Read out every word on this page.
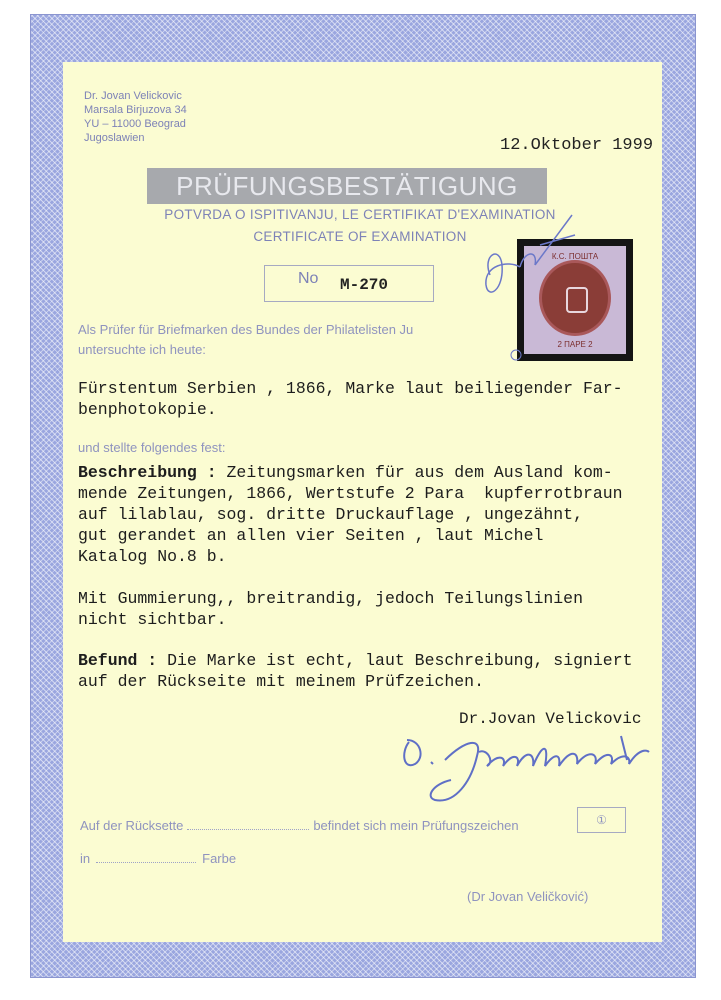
Dr. Jovan Velickovic
Marsala Birjuzova 34
YU – 11000 Beograd
Jugoslawien	12.Oktober 1999
PRÜFUNGSBESTÄTIGUNG
POTVRDA O ISPITIVANJU, LE CERTIFIKAT D'EXAMINATION
CERTIFICATE OF EXAMINATION
No M-270
К.С. ПОШТА
2 ПАРЕ 2
Als Prüfer für Briefmarken des Bundes der Philatelisten Ju
untersuchte ich heute:
Fürstentum Serbien , 1866, Marke laut beiliegender Far-
benphotokopie.
und stellte folgendes fest:
Beschreibung : Zeitungsmarken für aus dem Ausland kom-
mende Zeitungen, 1866, Wertstufe 2 Para  kupferrotbraun
auf lilablau, sog. dritte Druckauflage , ungezähnt,
gut gerandet an allen vier Seiten , laut Michel
Katalog No.8 b.
Mit Gummierung,, breitrandig, jedoch Teilungslinien
nicht sichtbar.
Befund : Die Marke ist echt, laut Beschreibung, signiert
auf der Rückseite mit meinem Prüfzeichen.
Dr.Jovan Velickovic
Auf der Rücksette	befindet sich mein Prüfungszeichen	①
in	Farbe
(Dr Jovan Veličković)
